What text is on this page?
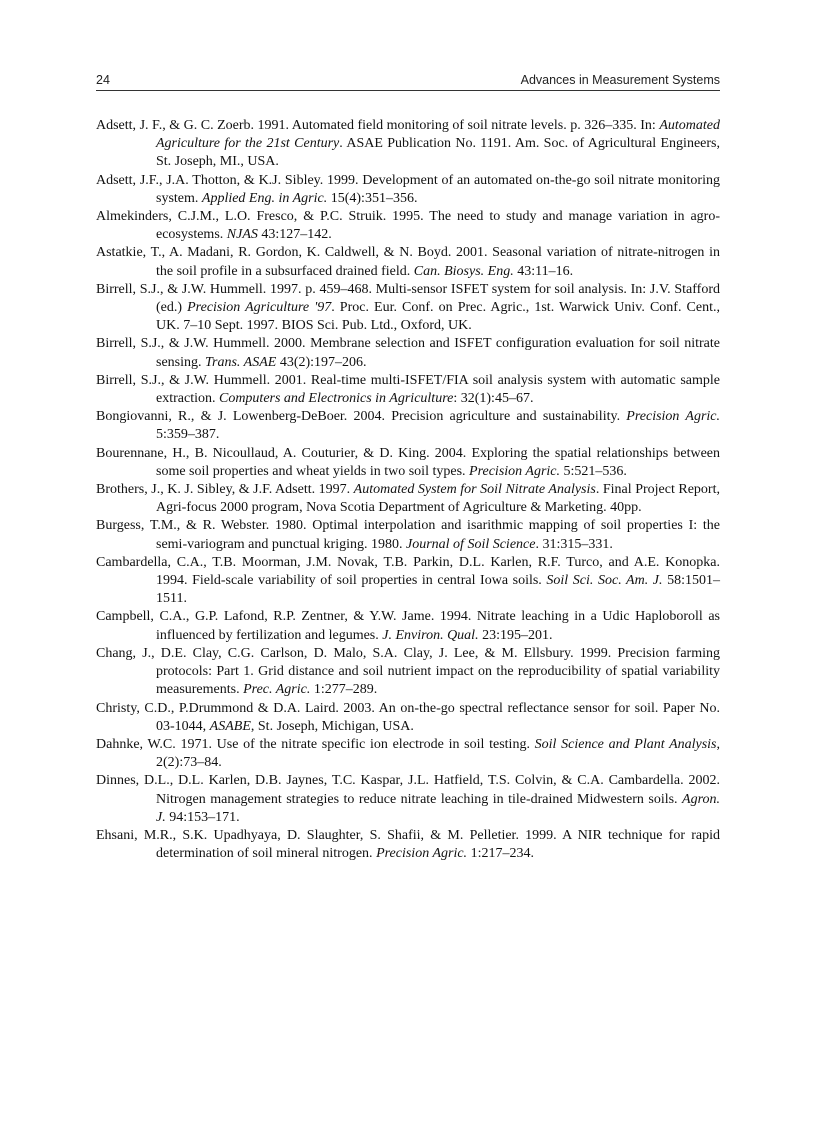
24	Advances in Measurement Systems

Adsett, J. F., & G. C. Zoerb. 1991. Automated field monitoring of soil nitrate levels. p. 326–335. In: Automated Agriculture for the 21st Century. ASAE Publication No. 1191. Am. Soc. of Agricultural Engineers, St. Joseph, MI., USA.

Adsett, J.F., J.A. Thotton, & K.J. Sibley. 1999. Development of an automated on-the-go soil nitrate monitoring system. Applied Eng. in Agric. 15(4):351–356.

Almekinders, C.J.M., L.O. Fresco, & P.C. Struik. 1995. The need to study and manage variation in agro-ecosystems. NJAS 43:127–142.

Astatkie, T., A. Madani, R. Gordon, K. Caldwell, & N. Boyd. 2001. Seasonal variation of nitrate-nitrogen in the soil profile in a subsurfaced drained field. Can. Biosys. Eng. 43:11–16.

Birrell, S.J., & J.W. Hummell. 1997. p. 459–468. Multi-sensor ISFET system for soil analysis. In: J.V. Stafford (ed.) Precision Agriculture '97. Proc. Eur. Conf. on Prec. Agric., 1st. Warwick Univ. Conf. Cent., UK. 7–10 Sept. 1997. BIOS Sci. Pub. Ltd., Oxford, UK.

Birrell, S.J., & J.W. Hummell. 2000. Membrane selection and ISFET configuration evaluation for soil nitrate sensing. Trans. ASAE 43(2):197–206.

Birrell, S.J., & J.W. Hummell. 2001. Real-time multi-ISFET/FIA soil analysis system with automatic sample extraction. Computers and Electronics in Agriculture: 32(1):45–67.

Bongiovanni, R., & J. Lowenberg-DeBoer. 2004. Precision agriculture and sustainability. Precision Agric. 5:359–387.

Bourennane, H., B. Nicoullaud, A. Couturier, & D. King. 2004. Exploring the spatial relationships between some soil properties and wheat yields in two soil types. Precision Agric. 5:521–536.

Brothers, J., K. J. Sibley, & J.F. Adsett. 1997. Automated System for Soil Nitrate Analysis. Final Project Report, Agri-focus 2000 program, Nova Scotia Department of Agriculture & Marketing. 40pp.

Burgess, T.M., & R. Webster. 1980. Optimal interpolation and isarithmic mapping of soil properties I: the semi-variogram and punctual kriging. 1980. Journal of Soil Science. 31:315–331.

Cambardella, C.A., T.B. Moorman, J.M. Novak, T.B. Parkin, D.L. Karlen, R.F. Turco, and A.E. Konopka. 1994. Field-scale variability of soil properties in central Iowa soils. Soil Sci. Soc. Am. J. 58:1501–1511.

Campbell, C.A., G.P. Lafond, R.P. Zentner, & Y.W. Jame. 1994. Nitrate leaching in a Udic Haploboroll as influenced by fertilization and legumes. J. Environ. Qual. 23:195–201.

Chang, J., D.E. Clay, C.G. Carlson, D. Malo, S.A. Clay, J. Lee, & M. Ellsbury. 1999. Precision farming protocols: Part 1. Grid distance and soil nutrient impact on the reproducibility of spatial variability measurements. Prec. Agric. 1:277–289.

Christy, C.D., P.Drummond & D.A. Laird. 2003. An on-the-go spectral reflectance sensor for soil. Paper No. 03-1044, ASABE, St. Joseph, Michigan, USA.

Dahnke, W.C. 1971. Use of the nitrate specific ion electrode in soil testing. Soil Science and Plant Analysis, 2(2):73–84.

Dinnes, D.L., D.L. Karlen, D.B. Jaynes, T.C. Kaspar, J.L. Hatfield, T.S. Colvin, & C.A. Cambardella. 2002. Nitrogen management strategies to reduce nitrate leaching in tile-drained Midwestern soils. Agron. J. 94:153–171.

Ehsani, M.R., S.K. Upadhyaya, D. Slaughter, S. Shafii, & M. Pelletier. 1999. A NIR technique for rapid determination of soil mineral nitrogen. Precision Agric. 1:217–234.
